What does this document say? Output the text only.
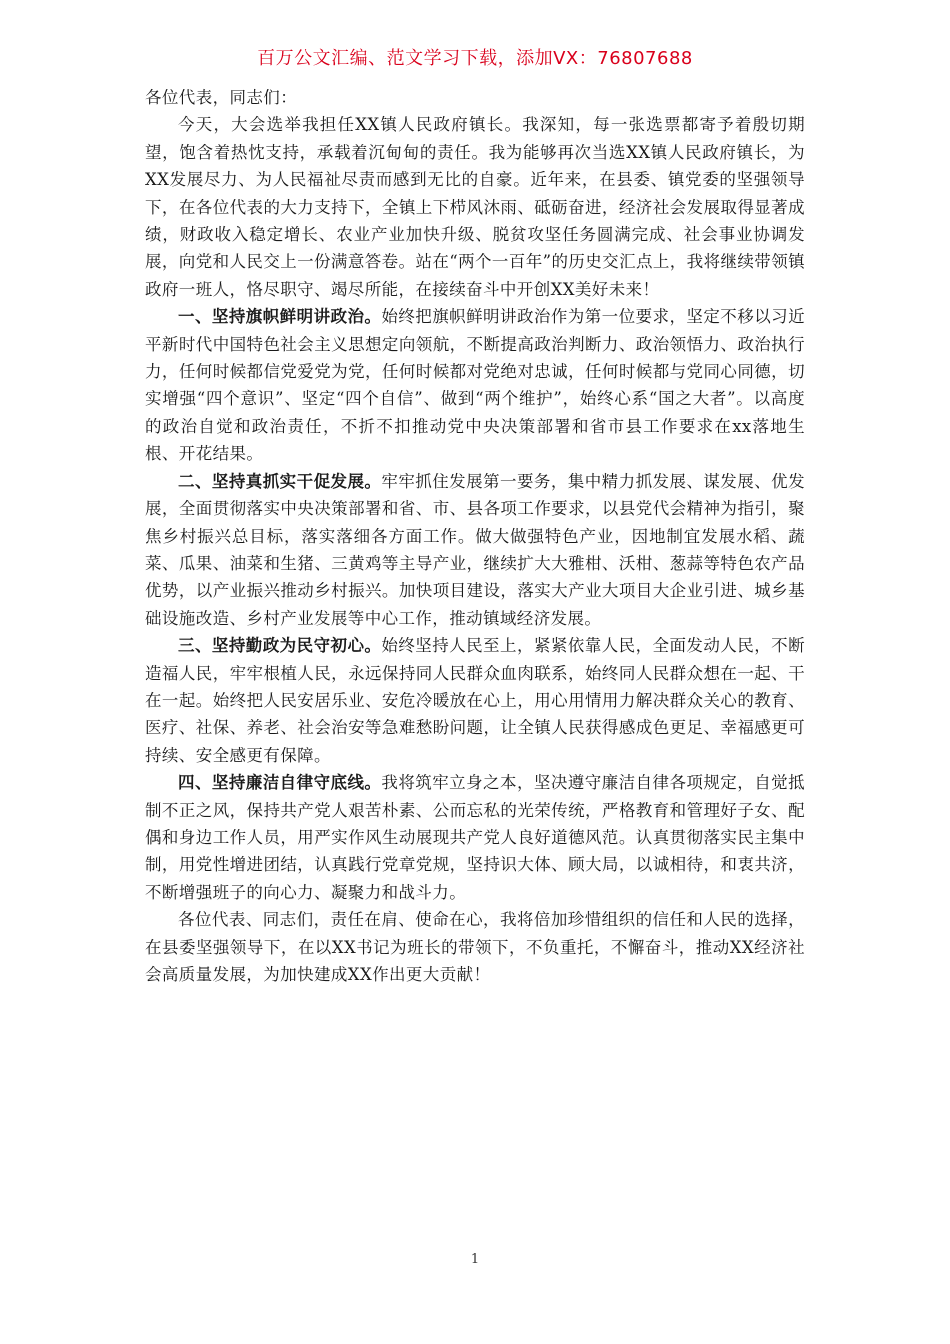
百万公文汇编、范文学习下载，添加VX：76807688

各位代表，同志们：

今天，大会选举我担任XX镇人民政府镇长。我深知，每一张选票都寄予着殷切期望，饱含着热忱支持，承载着沉甸甸的责任。我为能够再次当选XX镇人民政府镇长，为XX发展尽力、为人民福祉尽责而感到无比的自豪。近年来，在县委、镇党委的坚强领导下，在各位代表的大力支持下，全镇上下栉风沐雨、砥砺奋进，经济社会发展取得显著成绩，财政收入稳定增长、农业产业加快升级、脱贫攻坚任务圆满完成、社会事业协调发展，向党和人民交上一份满意答卷。站在“两个一百年”的历史交汇点上，我将继续带领镇政府一班人，恪尽职守、竭尽所能，在接续奋斗中开创XX美好未来！

一、坚持旗帜鲜明讲政治。始终把旗帜鲜明讲政治作为第一位要求，坚定不移以习近平新时代中国特色社会主义思想定向领航，不断提高政治判断力、政治领悟力、政治执行力，任何时候都信党爱党为党，任何时候都对党绝对忠诚，任何时候都与党同心同德，切实增强“四个意识”、坚定“四个自信”、做到“两个维护”，始终心系“国之大者”。以高度的政治自觉和政治责任，不折不扣推动党中央决策部署和省市县工作要求在xx落地生根、开花结果。

二、坚持真抓实干促发展。牢牢抓住发展第一要务，集中精力抓发展、谋发展、优发展，全面贯彻落实中央决策部署和省、市、县各项工作要求，以县党代会精神为指引，聚焦乡村振兴总目标，落实落细各方面工作。做大做强特色产业，因地制宜发展水稻、蔬菜、瓜果、油菜和生猪、三黄鸡等主导产业，继续扩大大雅柑、沃柑、葱蒜等特色农产品优势，以产业振兴推动乡村振兴。加快项目建设，落实大产业大项目大企业引进、城乡基础设施改造、乡村产业发展等中心工作，推动镇域经济发展。

三、坚持勤政为民守初心。始终坚持人民至上，紧紧依靠人民，全面发动人民，不断造福人民，牢牢根植人民，永远保持同人民群众血肉联系，始终同人民群众想在一起、干在一起。始终把人民安居乐业、安危冷暖放在心上，用心用情用力解决群众关心的教育、医疗、社保、养老、社会治安等急难愁盼问题，让全镇人民获得感成色更足、幸福感更可持续、安全感更有保障。

四、坚持廉洁自律守底线。我将筑牢立身之本，坚决遵守廉洁自律各项规定，自觉抵制不正之风，保持共产党人艰苦朴素、公而忘私的光荣传统，严格教育和管理好子女、配偶和身边工作人员，用严实作风生动展现共产党人良好道德风范。认真贯彻落实民主集中制，用党性增进团结，认真践行党章党规，坚持识大体、顾大局，以诚相待，和衷共济，不断增强班子的向心力、凝聚力和战斗力。

各位代表、同志们，责任在肩、使命在心，我将倍加珍惜组织的信任和人民的选择，在县委坚强领导下，在以XX书记为班长的带领下，不负重托，不懈奋斗，推动XX经济社会高质量发展，为加快建成XX作出更大贡献！

1
